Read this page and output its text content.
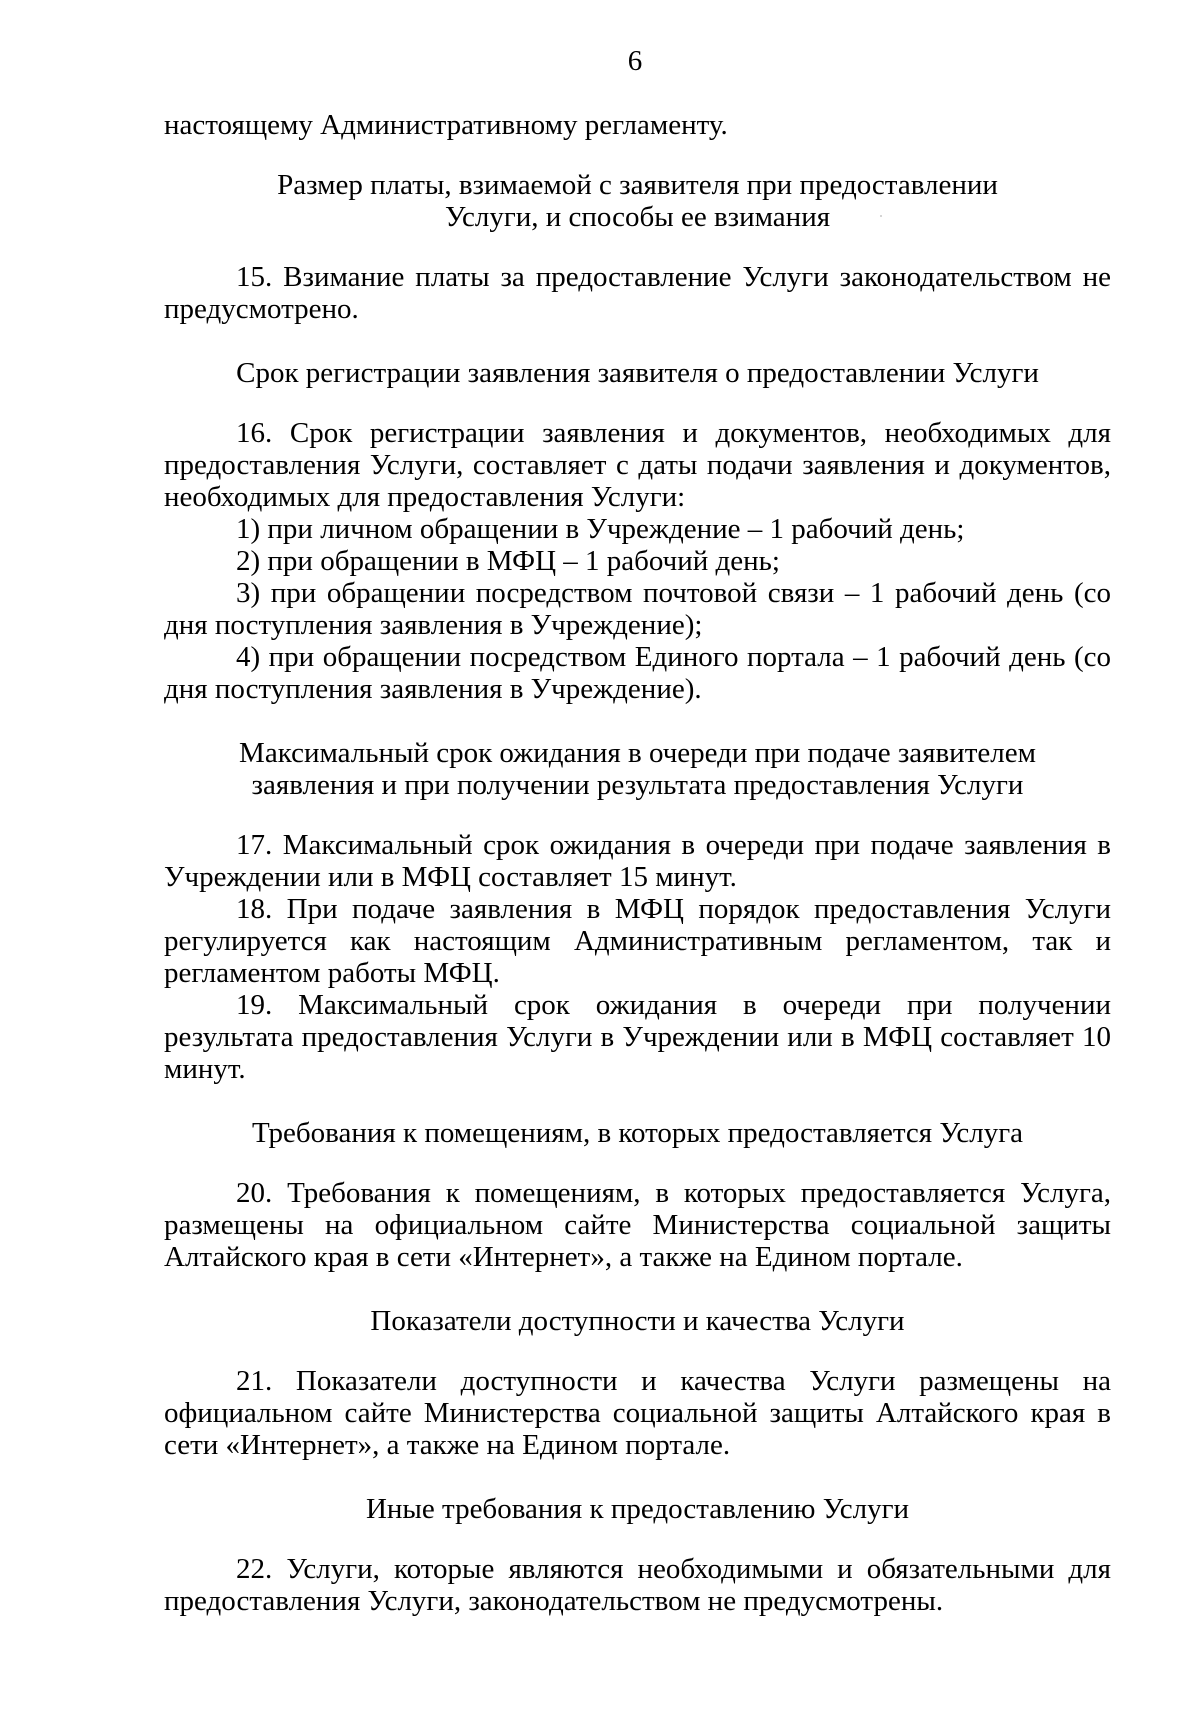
6

настоящему Административному регламенту.

Размер платы, взимаемой с заявителя при предоставлении
Услуги, и способы ее взимания

15. Взимание платы за предоставление Услуги законодательством не предусмотрено.

Срок регистрации заявления заявителя о предоставлении Услуги

16. Срок регистрации заявления и документов, необходимых для предоставления Услуги, составляет с даты подачи заявления и документов, необходимых для предоставления Услуги:

1) при личном обращении в Учреждение – 1 рабочий день;

2) при обращении в МФЦ – 1 рабочий день;

3) при обращении посредством почтовой связи – 1 рабочий день (со дня поступления заявления в Учреждение);

4) при обращении посредством Единого портала – 1 рабочий день (со дня поступления заявления в Учреждение).

Максимальный срок ожидания в очереди при подаче заявителем
заявления и при получении результата предоставления Услуги

17. Максимальный срок ожидания в очереди при подаче заявления в Учреждении или в МФЦ составляет 15 минут.

18. При подаче заявления в МФЦ порядок предоставления Услуги регулируется как настоящим Административным регламентом, так и регламентом работы МФЦ.

19. Максимальный срок ожидания в очереди при получении результата предоставления Услуги в Учреждении или в МФЦ составляет 10 минут.

Требования к помещениям, в которых предоставляется Услуга

20. Требования к помещениям, в которых предоставляется Услуга, размещены на официальном сайте Министерства социальной защиты Алтайского края в сети «Интернет», а также на Едином портале.

Показатели доступности и качества Услуги

21. Показатели доступности и качества Услуги размещены на официальном сайте Министерства социальной защиты Алтайского края в сети «Интернет», а также на Едином портале.

Иные требования к предоставлению Услуги

22. Услуги, которые являются необходимыми и обязательными для предоставления Услуги, законодательством не предусмотрены.
